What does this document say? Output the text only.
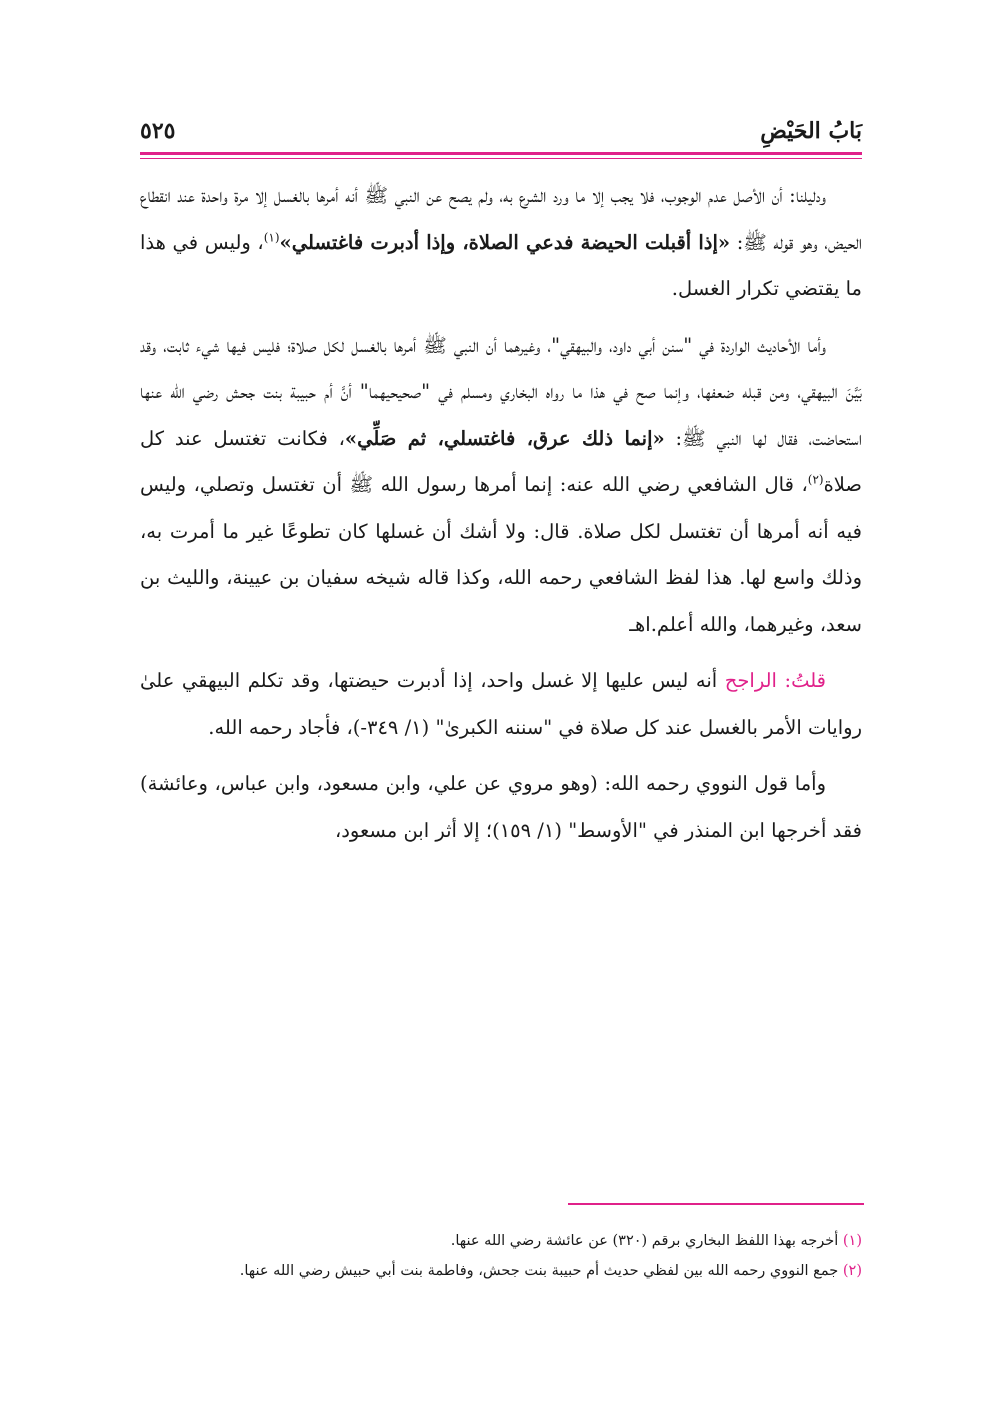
بَابُ الحَيْضِ
٥٢٥

ودليلنا: أن الأصل عدم الوجوب، فلا يجب إلا ما ورد الشرع به، ولم يصح عن النبي ﷺ أنه أمرها بالغسل إلا مرة واحدة عند انقطاع الحيض، وهو قوله ﷺ: «إذا أقبلت الحيضة فدعي الصلاة، وإذا أدبرت فاغتسلي»$^{(١)}$، وليس في هذا ما يقتضي تكرار الغسل.

وأما الأحاديث الواردة في "سنن أبي داود، والبيهقي"، وغيرهما أن النبي ﷺ أمرها بالغسل لكل صلاة؛ فليس فيها شيء ثابت، وقد بَيَّنَ البيهقي، ومن قبله ضعفها، وإنما صح في هذا ما رواه البخاري ومسلم في "صحيحيهما" أنَّ أم حبيبة بنت جحش رضي الله عنها استحاضت، فقال لها النبي ﷺ: «إنما ذلك عرق، فاغتسلي، ثم صَلِّي»، فكانت تغتسل عند كل صلاة$^{(٢)}$، قال الشافعي رضي الله عنه: إنما أمرها رسول الله ﷺ أن تغتسل وتصلي، وليس فيه أنه أمرها أن تغتسل لكل صلاة. قال: ولا أشك أن غسلها كان تطوعًا غير ما أمرت به، وذلك واسع لها. هذا لفظ الشافعي رحمه الله، وكذا قاله شيخه سفيان بن عيينة، والليث بن سعد، وغيرهما، والله أعلم.اهـ

قلتُ: الراجح أنه ليس عليها إلا غسل واحد، إذا أدبرت حيضتها، وقد تكلم البيهقي علىٰ روايات الأمر بالغسل عند كل صلاة في "سننه الكبرىٰ" (١/ ٣٤٩-)، فأجاد رحمه الله.

وأما قول النووي رحمه الله: (وهو مروي عن علي، وابن مسعود، وابن عباس، وعائشة) فقد أخرجها ابن المنذر في "الأوسط" (١/ ١٥٩)؛ إلا أثر ابن مسعود،

(١) أخرجه بهذا اللفظ البخاري برقم (٣٢٠) عن عائشة رضي الله عنها.
(٢) جمع النووي رحمه الله بين لفظي حديث أم حبيبة بنت جحش، وفاطمة بنت أبي حبيش رضي الله عنها.
